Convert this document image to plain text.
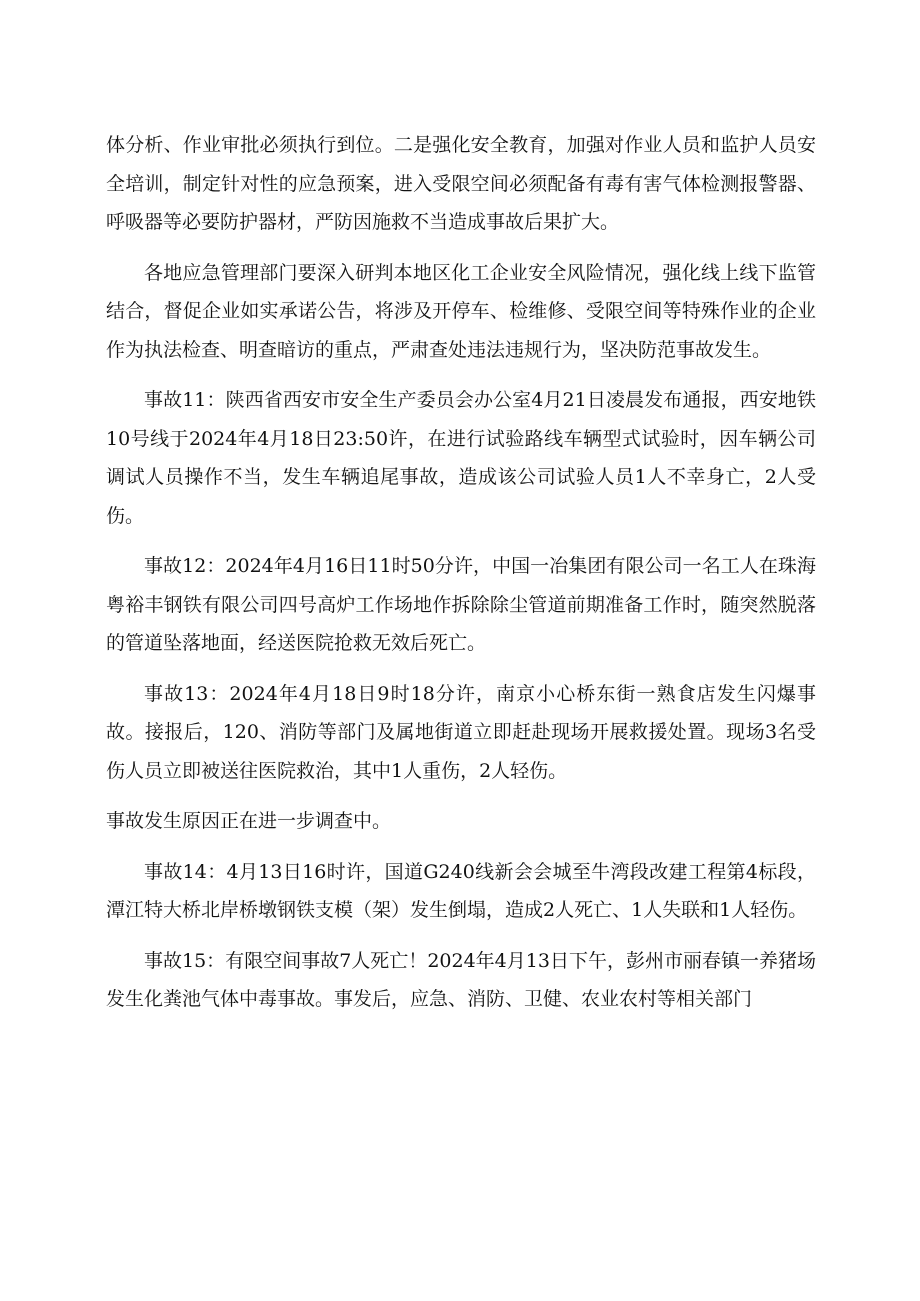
体分析、作业审批必须执行到位。二是强化安全教育，加强对作业人员和监护人员安全培训，制定针对性的应急预案，进入受限空间必须配备有毒有害气体检测报警器、呼吸器等必要防护器材，严防因施救不当造成事故后果扩大。

各地应急管理部门要深入研判本地区化工企业安全风险情况，强化线上线下监管结合，督促企业如实承诺公告，将涉及开停车、检维修、受限空间等特殊作业的企业作为执法检查、明查暗访的重点，严肃查处违法违规行为，坚决防范事故发生。

事故11：陕西省西安市安全生产委员会办公室4月21日凌晨发布通报，西安地铁10号线于2024年4月18日23:50许，在进行试验路线车辆型式试验时，因车辆公司调试人员操作不当，发生车辆追尾事故，造成该公司试验人员1人不幸身亡，2人受伤。

事故12：2024年4月16日11时50分许，中国一冶集团有限公司一名工人在珠海粤裕丰钢铁有限公司四号高炉工作场地作拆除除尘管道前期准备工作时，随突然脱落的管道坠落地面，经送医院抢救无效后死亡。

事故13：2024年4月18日9时18分许，南京小心桥东街一熟食店发生闪爆事故。接报后，120、消防等部门及属地街道立即赶赴现场开展救援处置。现场3名受伤人员立即被送往医院救治，其中1人重伤，2人轻伤。

事故发生原因正在进一步调查中。

事故14：4月13日16时许，国道G240线新会会城至牛湾段改建工程第4标段，潭江特大桥北岸桥墩钢铁支模（架）发生倒塌，造成2人死亡、1人失联和1人轻伤。

事故15：有限空间事故7人死亡！2024年4月13日下午，彭州市丽春镇一养猪场发生化粪池气体中毒事故。事发后，应急、消防、卫健、农业农村等相关部门
